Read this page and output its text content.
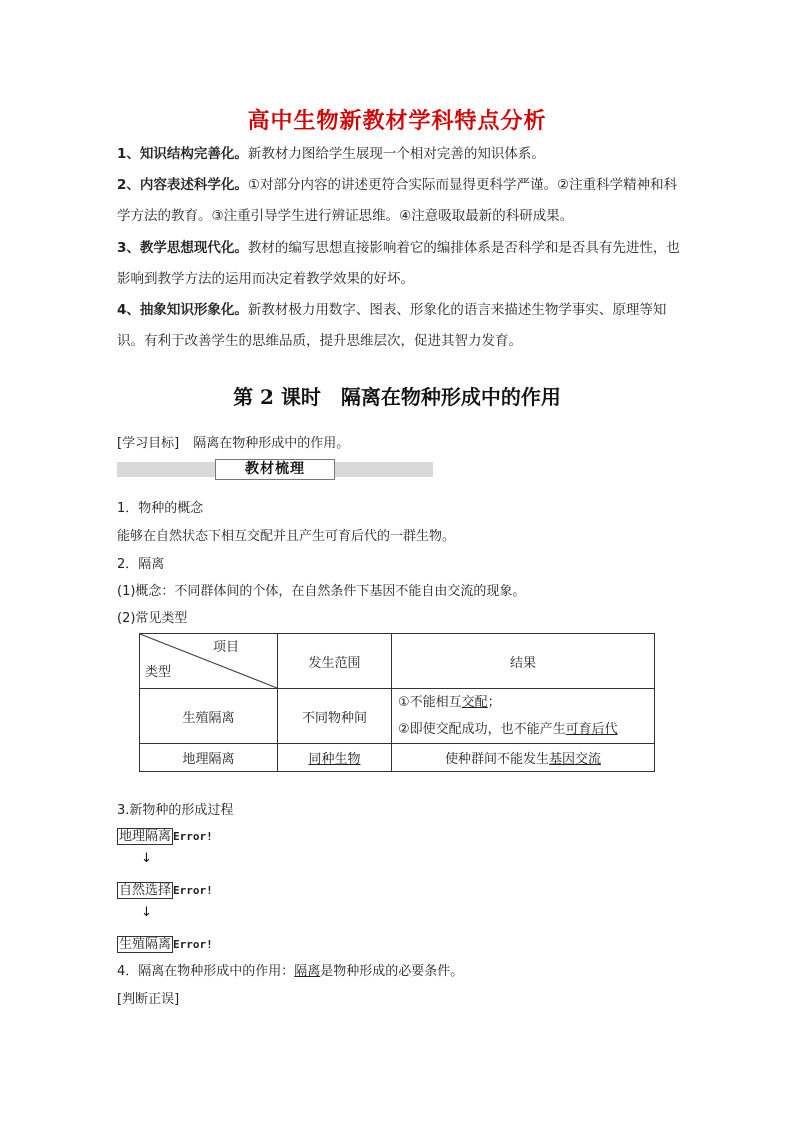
高中生物新教材学科特点分析
1、知识结构完善化。新教材力图给学生展现一个相对完善的知识体系。
2、内容表述科学化。①对部分内容的讲述更符合实际而显得更科学严谨。②注重科学精神和科学方法的教育。③注重引导学生进行辨证思维。④注意吸取最新的科研成果。
3、教学思想现代化。教材的编写思想直接影响着它的编排体系是否科学和是否具有先进性，也影响到教学方法的运用而决定着教学效果的好坏。
4、抽象知识形象化。新教材极力用数字、图表、形象化的语言来描述生物学事实、原理等知识。有利于改善学生的思维品质，提升思维层次，促进其智力发育。
第 2 课时　隔离在物种形成中的作用
[学习目标] 隔离在物种形成中的作用。
教材梳理
1．物种的概念
能够在自然状态下相互交配并且产生可育后代的一群生物。
2．隔离
(1)概念：不同群体间的个体，在自然条件下基因不能自由交流的现象。
(2)常见类型
项目
类型	发生范围	结果
生殖隔离	不同物种间	①不能相互交配；
②即使交配成功，也不能产生可育后代

地理隔离	同种生物	使种群间不能发生基因交流
3.新物种的形成过程
地理隔离 Error!
↓
自然选择 Error!
↓
生殖隔离 Error!
4．隔离在物种形成中的作用：隔离是物种形成的必要条件。
[判断正误]
